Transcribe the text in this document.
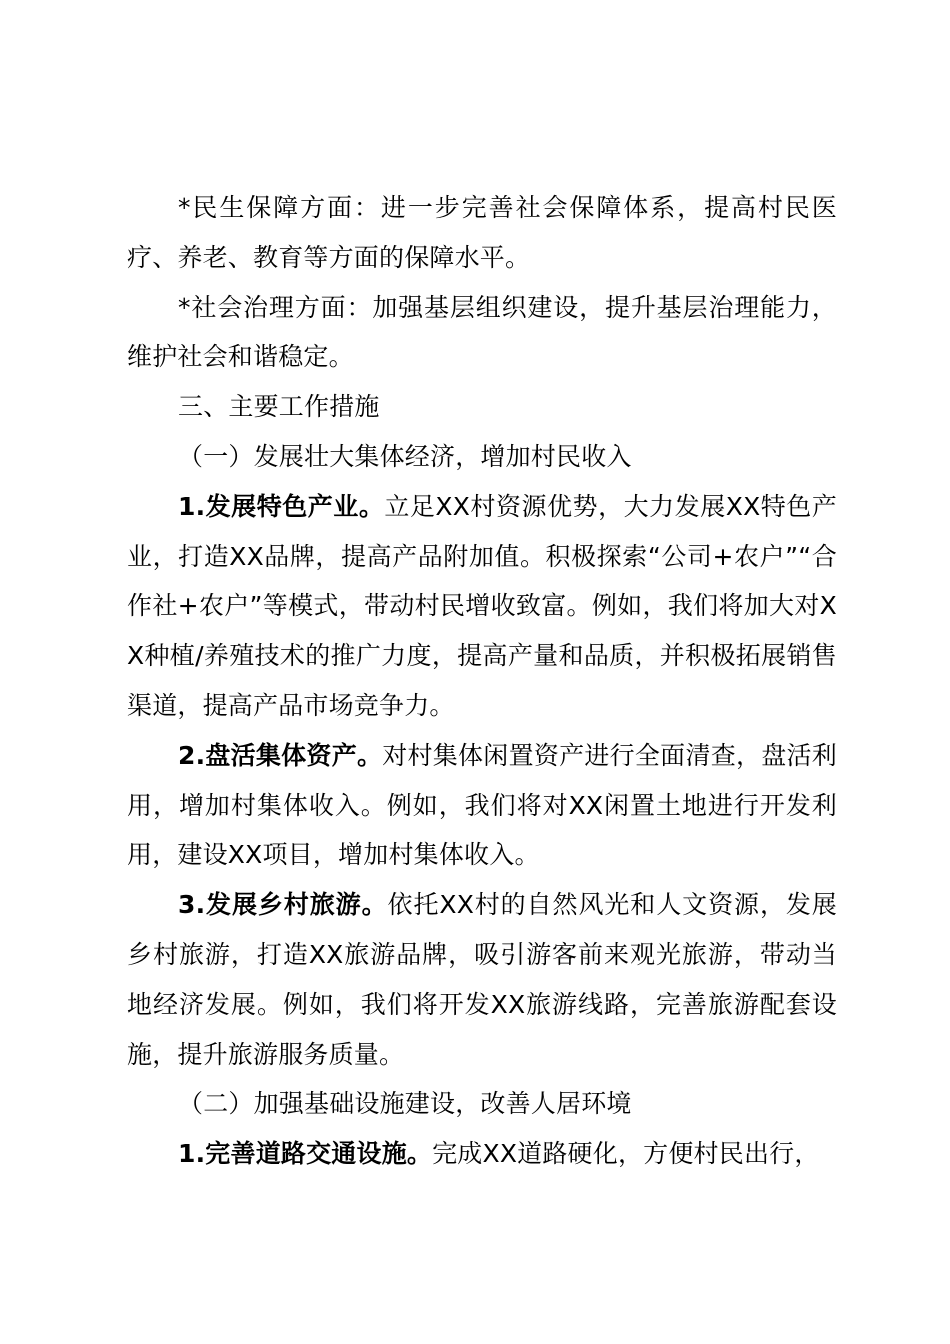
*民生保障方面：进一步完善社会保障体系，提高村民医疗、养老、教育等方面的保障水平。

*社会治理方面：加强基层组织建设，提升基层治理能力，维护社会和谐稳定。

三、主要工作措施

（一）发展壮大集体经济，增加村民收入

1.发展特色产业。立足XX村资源优势，大力发展XX特色产业，打造XX品牌，提高产品附加值。积极探索“公司+农户”“合作社+农户”等模式，带动村民增收致富。例如，我们将加大对XX种植/养殖技术的推广力度，提高产量和品质，并积极拓展销售渠道，提高产品市场竞争力。

2.盘活集体资产。对村集体闲置资产进行全面清查，盘活利用，增加村集体收入。例如，我们将对XX闲置土地进行开发利用，建设XX项目，增加村集体收入。

3.发展乡村旅游。依托XX村的自然风光和人文资源，发展乡村旅游，打造XX旅游品牌，吸引游客前来观光旅游，带动当地经济发展。例如，我们将开发XX旅游线路，完善旅游配套设施，提升旅游服务质量。

（二）加强基础设施建设，改善人居环境

1.完善道路交通设施。完成XX道路硬化，方便村民出行，
